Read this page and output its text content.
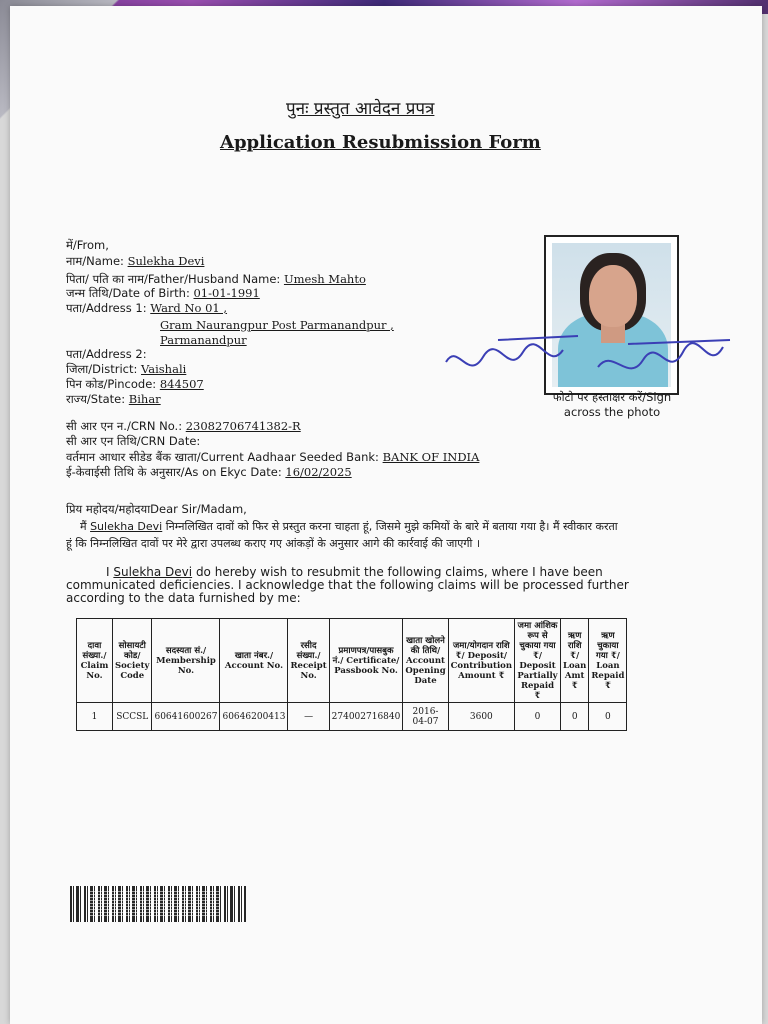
पुनः प्रस्तुत आवेदन प्रपत्र
Application Resubmission Form
में/From,
नाम/Name: Sulekha Devi
पिता/ पति का नाम/Father/Husband Name: Umesh Mahto
जन्म तिथि/Date of Birth: 01-01-1991
पता/Address 1: Ward No 01 ,
Gram Naurangpur Post Parmanandpur ,
Parmanandpur
पता/Address 2:
जिला/District: Vaishali
पिन कोड/Pincode: 844507
राज्य/State: Bihar
सी आर एन न./CRN No.: 23082706741382-R
सी आर एन तिथि/CRN Date:
वर्तमान आधार सीडेड बैंक खाता/Current Aadhaar Seeded Bank: BANK OF INDIA
ई-केवाईसी तिथि के अनुसार/As on Ekyc Date: 16/02/2025
फोटो पर हस्ताक्षर करें/Sign
across the photo
प्रिय महोदय/महोदयाDear Sir/Madam,
मैं Sulekha Devi निम्नलिखित दावों को फिर से प्रस्तुत करना चाहता हूं, जिसमे मुझे कमियों के बारे में बताया गया है। मैं स्वीकार करता
हूं कि निम्नलिखित दावों पर मेरे द्वारा उपलब्ध कराए गए आंकड़ों के अनुसार आगे की कार्रवाई की जाएगी ।
I Sulekha Devi do hereby wish to resubmit the following claims, where I have been
communicated deficiencies. I acknowledge that the following claims will be processed further
according to the data furnished by me:
दावा संख्या./ Claim No.	सोसायटी कोड/ Society Code	सदस्यता सं./ Membership No.	खाता नंबर./ Account No.	रसीद संख्या./ Receipt No.	प्रमाणपत्र/पासबुक नं./ Certificate/ Passbook No.	खाता खोलने की तिथि/ Account Opening Date	जमा/योगदान राशि ₹/ Deposit/ Contribution Amount ₹	जमा आंशिक रूप से चुकाया गया ₹/ Deposit Partially Repaid ₹	ऋण राशि ₹/ Loan Amt ₹	ऋण चुकाया गया ₹/ Loan Repaid ₹
1	SCCSL	60641600267	60646200413	—	274002716840	2016-04-07	3600	0	0	0
